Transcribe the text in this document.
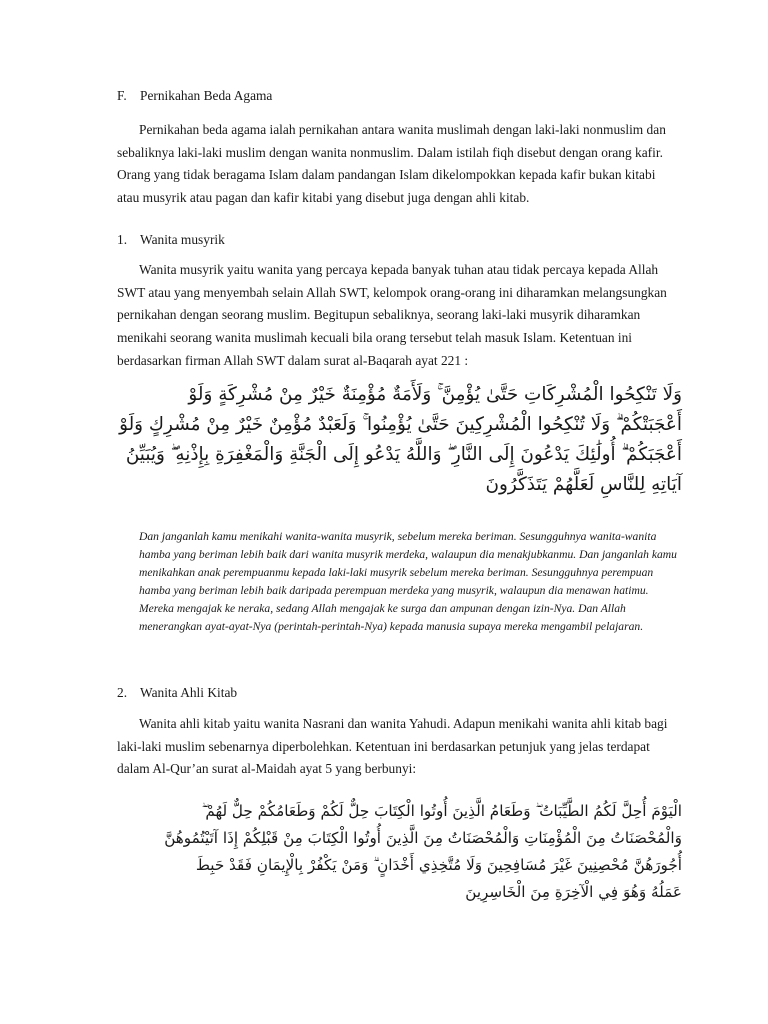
F. Pernikahan Beda Agama

Pernikahan beda agama ialah pernikahan antara wanita muslimah dengan laki-laki nonmuslim dan sebaliknya laki-laki muslim dengan wanita nonmuslim. Dalam istilah fiqh disebut dengan orang kafir. Orang yang tidak beragama Islam dalam pandangan Islam dikelompokkan kepada kafir bukan kitabi atau musyrik atau pagan dan kafir kitabi yang disebut juga dengan ahli kitab.

1. Wanita musyrik

Wanita musyrik yaitu wanita yang percaya kepada banyak tuhan atau tidak percaya kepada Allah SWT atau yang menyembah selain Allah SWT, kelompok orang-orang ini diharamkan melangsungkan pernikahan dengan seorang muslim. Begitupun sebaliknya, seorang laki-laki musyrik diharamkan menikahi seorang wanita muslimah kecuali bila orang tersebut telah masuk Islam. Ketentuan ini berdasarkan firman Allah SWT dalam surat al-Baqarah ayat 221 :

وَلَا تَنْكِحُوا الْمُشْرِكَاتِ حَتَّىٰ يُؤْمِنَّ ۚ وَلَأَمَةٌ مُؤْمِنَةٌ خَيْرٌ مِنْ مُشْرِكَةٍ وَلَوْ
أَعْجَبَتْكُمْ ۗ وَلَا تُنْكِحُوا الْمُشْرِكِينَ حَتَّىٰ يُؤْمِنُوا ۚ وَلَعَبْدٌ مُؤْمِنٌ خَيْرٌ مِنْ مُشْرِكٍ وَلَوْ
أَعْجَبَكُمْ ۗ أُولَٰئِكَ يَدْعُونَ إِلَى النَّارِ ۖ وَاللَّهُ يَدْعُو إِلَى الْجَنَّةِ وَالْمَغْفِرَةِ بِإِذْنِهِ ۖ وَيُبَيِّنُ
آيَاتِهِ لِلنَّاسِ لَعَلَّهُمْ يَتَذَكَّرُونَ

Dan janganlah kamu menikahi wanita-wanita musyrik, sebelum mereka beriman. Sesungguhnya wanita-wanita hamba yang beriman lebih baik dari wanita musyrik merdeka, walaupun dia menakjubkanmu. Dan janganlah kamu menikahkan anak perempuanmu kepada laki-laki musyrik sebelum mereka beriman. Sesungguhnya perempuan hamba yang beriman lebih baik daripada perempuan merdeka yang musyrik, walaupun dia menawan hatimu. Mereka mengajak ke neraka, sedang Allah mengajak ke surga dan ampunan dengan izin-Nya. Dan Allah menerangkan ayat-ayat-Nya (perintah-perintah-Nya) kepada manusia supaya mereka mengambil pelajaran.

2. Wanita Ahli Kitab

Wanita ahli kitab yaitu wanita Nasrani dan wanita Yahudi. Adapun menikahi wanita ahli kitab bagi laki-laki muslim sebenarnya diperbolehkan. Ketentuan ini berdasarkan petunjuk yang jelas terdapat dalam Al-Qur’an surat al-Maidah ayat 5 yang berbunyi:

الْيَوْمَ أُحِلَّ لَكُمُ الطَّيِّبَاتُ ۖ وَطَعَامُ الَّذِينَ أُوتُوا الْكِتَابَ حِلٌّ لَكُمْ وَطَعَامُكُمْ حِلٌّ لَهُمْ ۖ
وَالْمُحْصَنَاتُ مِنَ الْمُؤْمِنَاتِ وَالْمُحْصَنَاتُ مِنَ الَّذِينَ أُوتُوا الْكِتَابَ مِنْ قَبْلِكُمْ إِذَا آتَيْتُمُوهُنَّ
أُجُورَهُنَّ مُحْصِنِينَ غَيْرَ مُسَافِحِينَ وَلَا مُتَّخِذِي أَخْدَانٍ ۗ وَمَنْ يَكْفُرْ بِالْإِيمَانِ فَقَدْ حَبِطَ
عَمَلُهُ وَهُوَ فِي الْآخِرَةِ مِنَ الْخَاسِرِينَ
